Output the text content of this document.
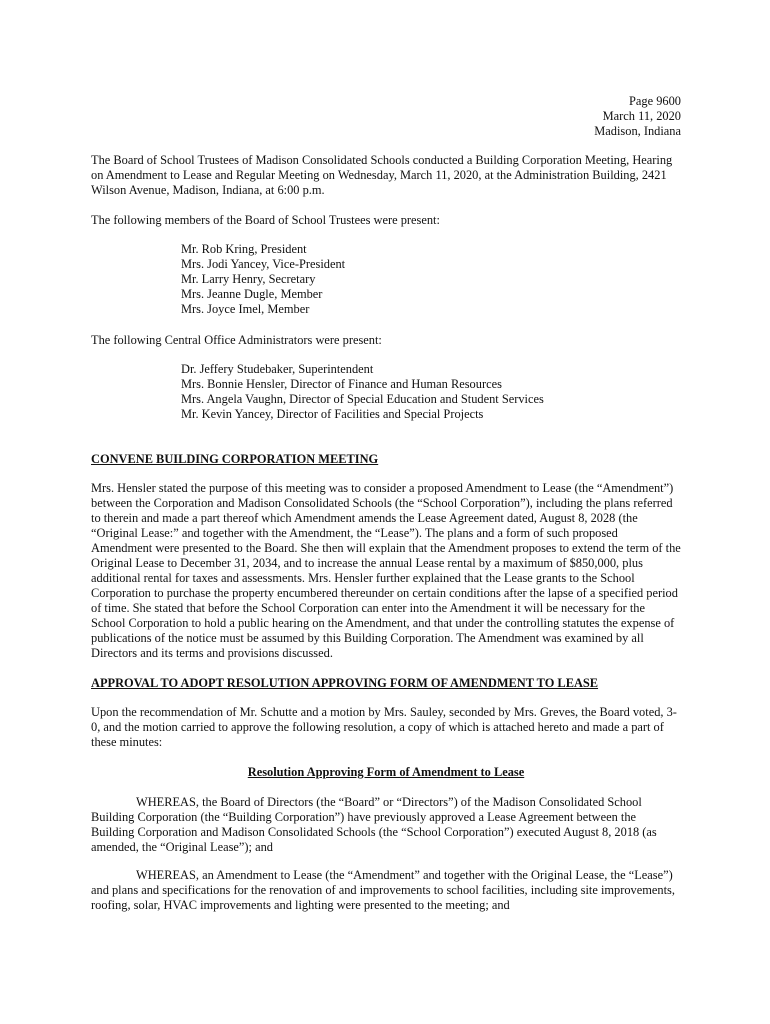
Page 9600
March 11, 2020
Madison, Indiana

The Board of School Trustees of Madison Consolidated Schools conducted a Building Corporation Meeting, Hearing on Amendment to Lease and Regular Meeting on Wednesday, March 11, 2020, at the Administration Building, 2421 Wilson Avenue, Madison, Indiana, at 6:00 p.m.

The following members of the Board of School Trustees were present:

Mr. Rob Kring, President
Mrs. Jodi Yancey, Vice-President
Mr. Larry Henry, Secretary
Mrs. Jeanne Dugle, Member
Mrs. Joyce Imel, Member

The following Central Office Administrators were present:

Dr. Jeffery Studebaker, Superintendent
Mrs. Bonnie Hensler, Director of Finance and Human Resources
Mrs. Angela Vaughn, Director of Special Education and Student Services
Mr. Kevin Yancey, Director of Facilities and Special Projects
CONVENE BUILDING CORPORATION MEETING

Mrs. Hensler stated the purpose of this meeting was to consider a proposed Amendment to Lease (the “Amendment”) between the Corporation and Madison Consolidated Schools (the “School Corporation”), including the plans referred to therein and made a part thereof which Amendment amends the Lease Agreement dated, August 8, 2028 (the “Original Lease:” and together with the Amendment, the “Lease”). The plans and a form of such proposed Amendment were presented to the Board. She then will explain that the Amendment proposes to extend the term of the Original Lease to December 31, 2034, and to increase the annual Lease rental by a maximum of $850,000, plus additional rental for taxes and assessments. Mrs. Hensler further explained that the Lease grants to the School Corporation to purchase the property encumbered thereunder on certain conditions after the lapse of a specified period of time. She stated that before the School Corporation can enter into the Amendment it will be necessary for the School Corporation to hold a public hearing on the Amendment, and that under the controlling statutes the expense of publications of the notice must be assumed by this Building Corporation. The Amendment was examined by all Directors and its terms and provisions discussed.

APPROVAL TO ADOPT RESOLUTION APPROVING FORM OF AMENDMENT TO LEASE

Upon the recommendation of Mr. Schutte and a motion by Mrs. Sauley, seconded by Mrs. Greves, the Board voted, 3-0, and the motion carried to approve the following resolution, a copy of which is attached hereto and made a part of these minutes:

Resolution Approving Form of Amendment to Lease

WHEREAS, the Board of Directors (the “Board” or “Directors”) of the Madison Consolidated School Building Corporation (the “Building Corporation”) have previously approved a Lease Agreement between the Building Corporation and Madison Consolidated Schools (the “School Corporation”) executed August 8, 2018 (as amended, the “Original Lease”); and

WHEREAS, an Amendment to Lease (the “Amendment” and together with the Original Lease, the “Lease”) and plans and specifications for the renovation of and improvements to school facilities, including site improvements, roofing, solar, HVAC improvements and lighting were presented to the meeting; and
